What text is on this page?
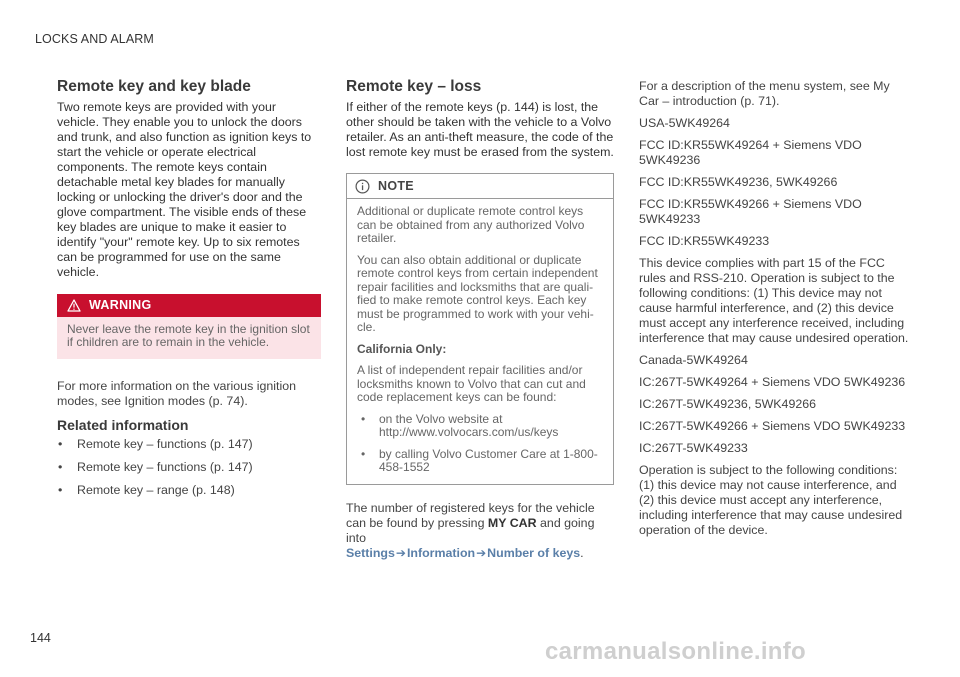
LOCKS AND ALARM
Remote key and key blade

Two remote keys are provided with your vehicle. They enable you to unlock the doors and trunk, and also function as ignition keys to start the vehicle or operate electrical components. The remote keys contain detachable metal key blades for manually locking or unlocking the driver's door and the glove compartment. The visible ends of these key blades are unique to make it easier to identify "your" remote key. Up to six remotes can be programmed for use on the same vehicle.

WARNING
Never leave the remote key in the ignition slot if children are to remain in the vehicle.

For more information on the various ignition modes, see Ignition modes (p. 74).

Related information
• Remote key – functions (p. 147)
• Remote key – functions (p. 147)
• Remote key – range (p. 148)
Remote key – loss

If either of the remote keys (p. 144) is lost, the other should be taken with the vehicle to a Volvo retailer. As an anti-theft measure, the code of the lost remote key must be erased from the system.

NOTE

Additional or duplicate remote control keys can be obtained from any authorized Volvo retailer.

You can also obtain additional or duplicate remote control keys from certain independent repair facilities and locksmiths that are qualified to make remote control keys. Each key must be programmed to work with your vehicle.

California Only:

A list of independent repair facilities and/or locksmiths known to Volvo that can cut and code replacement keys can be found:

• on the Volvo website at http://www.volvocars.com/us/keys
• by calling Volvo Customer Care at 1-800-458-1552

The number of registered keys for the vehicle can be found by pressing MY CAR and going into

Settings ➔ Information ➔ Number of keys .

For a description of the menu system, see My Car – introduction (p. 71).

USA-5WK49264

FCC ID:KR55WK49264 + Siemens VDO 5WK49236

FCC ID:KR55WK49236, 5WK49266

FCC ID:KR55WK49266 + Siemens VDO 5WK49233

FCC ID:KR55WK49233

This device complies with part 15 of the FCC rules and RSS-210. Operation is subject to the following conditions: (1) This device may not cause harmful interference, and (2) this device must accept any interference received, including interference that may cause undesired operation.

Canada-5WK49264

IC:267T-5WK49264 + Siemens VDO 5WK49236

IC:267T-5WK49236, 5WK49266

IC:267T-5WK49266 + Siemens VDO 5WK49233

IC:267T-5WK49233

Operation is subject to the following conditions: (1) this device may not cause interference, and (2) this device must accept any interference, including interference that may cause undesired operation of the device.

144	carmanualsonline.info
